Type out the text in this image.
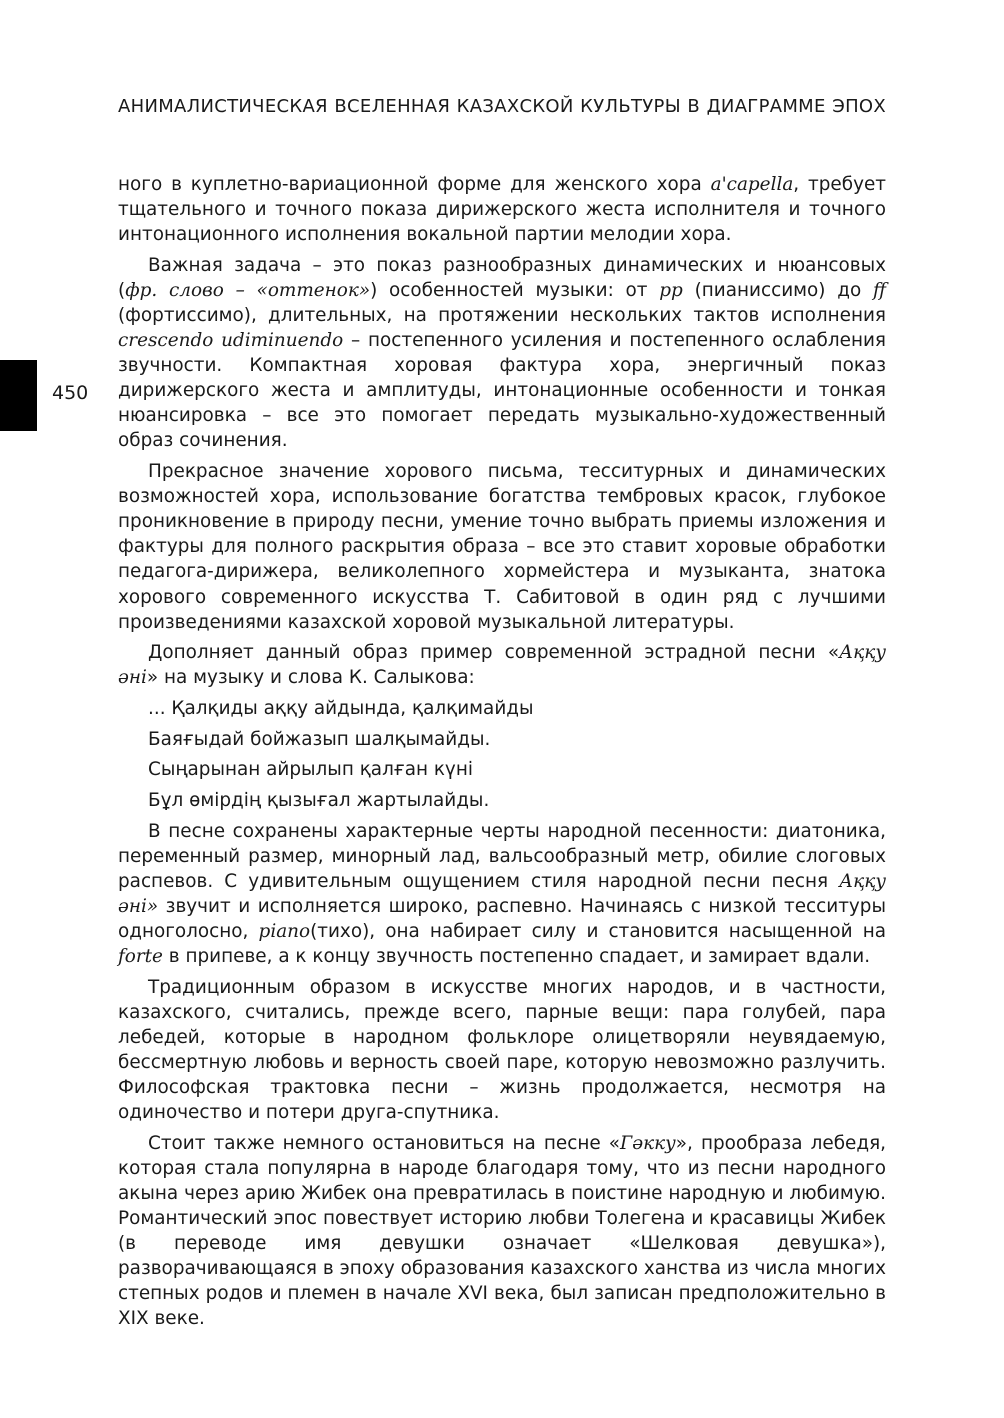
АНИМАЛИСТИЧЕСКАЯ ВСЕЛЕННАЯ КАЗАХСКОЙ КУЛЬТУРЫ В ДИАГРАММЕ ЭПОХ
450

ного в куплетно-вариационной форме для женского хора a'capella, требует тщательного и точного показа дирижерского жеста исполнителя и точного интонационного исполнения вокальной партии мелодии хора.

Важная задача – это показ разнообразных динамических и нюансовых (фр. слово – «оттенок») особенностей музыки: от pp (пианиссимо) до ff (фортиссимо), длительных, на протяжении нескольких тактов исполнения crescendo udiminuendo – постепенного усиления и постепенного ослабления звучности. Компактная хоровая фактура хора, энергичный показ дирижерского жеста и амплитуды, интонационные особенности и тонкая нюансировка – все это помогает передать музыкально-художественный образ сочинения.

Прекрасное значение хорового письма, тесситурных и динамических возможностей хора, использование богатства тембровых красок, глубокое проникновение в природу песни, умение точно выбрать приемы изложения и фактуры для полного раскрытия образа – все это ставит хоровые обработки педагога-дирижера, великолепного хормейстера и музыканта, знатока хорового современного искусства Т. Сабитовой в один ряд с лучшими произведениями казахской хоровой музыкальной литературы.

Дополняет данный образ пример современной эстрадной песни «Аққу әні» на музыку и слова К. Салыкова:

... Қалқиды аққу айдында, қалқимайды

Баяғыдай бойжазып шалқымайды.

Сыңарынан айрылып қалған күні

Бұл өмірдің қызығал жартылайды.

В песне сохранены характерные черты народной песенности: диатоника, переменный размер, минорный лад, вальсообразный метр, обилие слоговых распевов. С удивительным ощущением стиля народной песни песня Аққу әні» звучит и исполняется широко, распевно. Начинаясь с низкой тесситуры одноголосно, piano(тихо), она набирает силу и становится насыщенной на forte в припеве, а к концу звучность постепенно спадает, и замирает вдали.

Традиционным образом в искусстве многих народов, и в частности, казахского, считались, прежде всего, парные вещи: пара голубей, пара лебедей, которые в народном фольклоре олицетворяли неувядаемую, бессмертную любовь и верность своей паре, которую невозможно разлучить. Философская трактовка песни – жизнь продолжается, несмотря на одиночество и потери друга-спутника.

Стоит также немного остановиться на песне «Гәкку», прообраза лебедя, которая стала популярна в народе благодаря тому, что из песни народного акына через арию Жибек она превратилась в поистине народную и любимую. Романтический эпос повествует историю любви Толегена и красавицы Жибек (в переводе имя девушки означает «Шелковая девушка»), разворачивающаяся в эпоху образования казахского ханства из числа многих степных родов и племен в начале XVI века, был записан предположительно в XIX веке.
